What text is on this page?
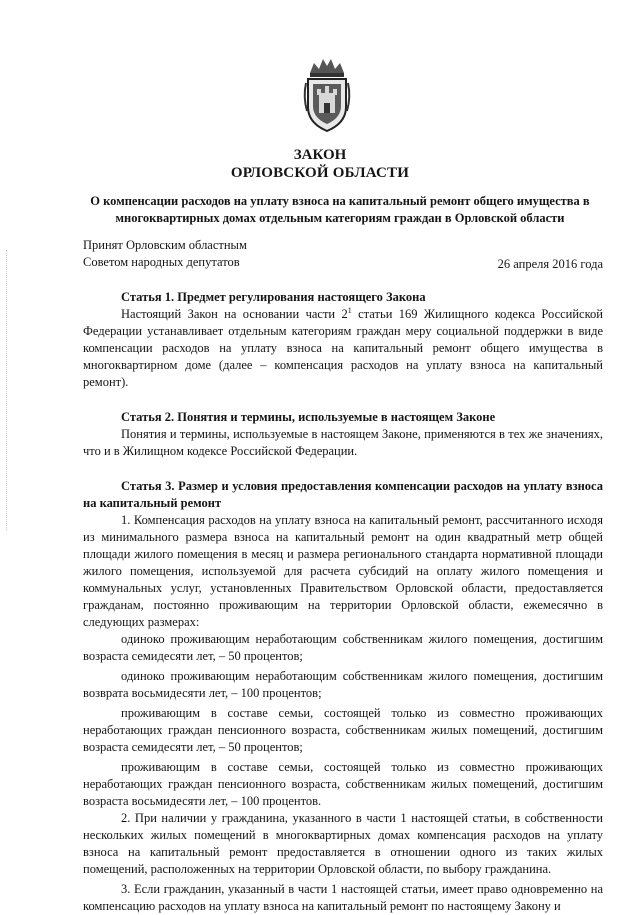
ЗАКОН
ОРЛОВСКОЙ ОБЛАСТИ
О компенсации расходов на уплату взноса на капитальный ремонт общего имущества в многоквартирных домах отдельным категориям граждан в Орловской области
Принят Орловским областным
Советом народных депутатов	26 апреля 2016 года
Статья 1. Предмет регулирования настоящего Закона
Настоящий Закон на основании части $2^1$ статьи 169 Жилищного кодекса Российской Федерации устанавливает отдельным категориям граждан меру социальной поддержки в виде компенсации расходов на уплату взноса на капитальный ремонт общего имущества в многоквартирном доме (далее – компенсация расходов на уплату взноса на капитальный ремонт).
Статья 2. Понятия и термины, используемые в настоящем Законе
Понятия и термины, используемые в настоящем Законе, применяются в тех же значениях, что и в Жилищном кодексе Российской Федерации.
Статья 3. Размер и условия предоставления компенсации расходов на уплату взноса на капитальный ремонт
1. Компенсация расходов на уплату взноса на капитальный ремонт, рассчитанного исходя из минимального размера взноса на капитальный ремонт на один квадратный метр общей площади жилого помещения в месяц и размера регионального стандарта нормативной площади жилого помещения, используемой для расчета субсидий на оплату жилого помещения и коммунальных услуг, установленных Правительством Орловской области, предоставляется гражданам, постоянно проживающим на территории Орловской области, ежемесячно в следующих размерах:
одиноко проживающим неработающим собственникам жилого помещения, достигшим возраста семидесяти лет, – 50 процентов;
одиноко проживающим неработающим собственникам жилого помещения, достигшим возврата восьмидесяти лет, – 100 процентов;
проживающим в составе семьи, состоящей только из совместно проживающих неработающих граждан пенсионного возраста, собственникам жилых помещений, достигшим возраста семидесяти лет, – 50 процентов;
проживающим в составе семьи, состоящей только из совместно проживающих неработающих граждан пенсионного возраста, собственникам жилых помещений, достигшим возраста восьмидесяти лет, – 100 процентов.
2. При наличии у гражданина, указанного в части 1 настоящей статьи, в собственности нескольких жилых помещений в многоквартирных домах компенсация расходов на уплату взноса на капитальный ремонт предоставляется в отношении одного из таких жилых помещений, расположенных на территории Орловской области, по выбору гражданина.
3. Если гражданин, указанный в части 1 настоящей статьи, имеет право одновременно на компенсацию расходов на уплату взноса на капитальный ремонт по настоящему Закону и
